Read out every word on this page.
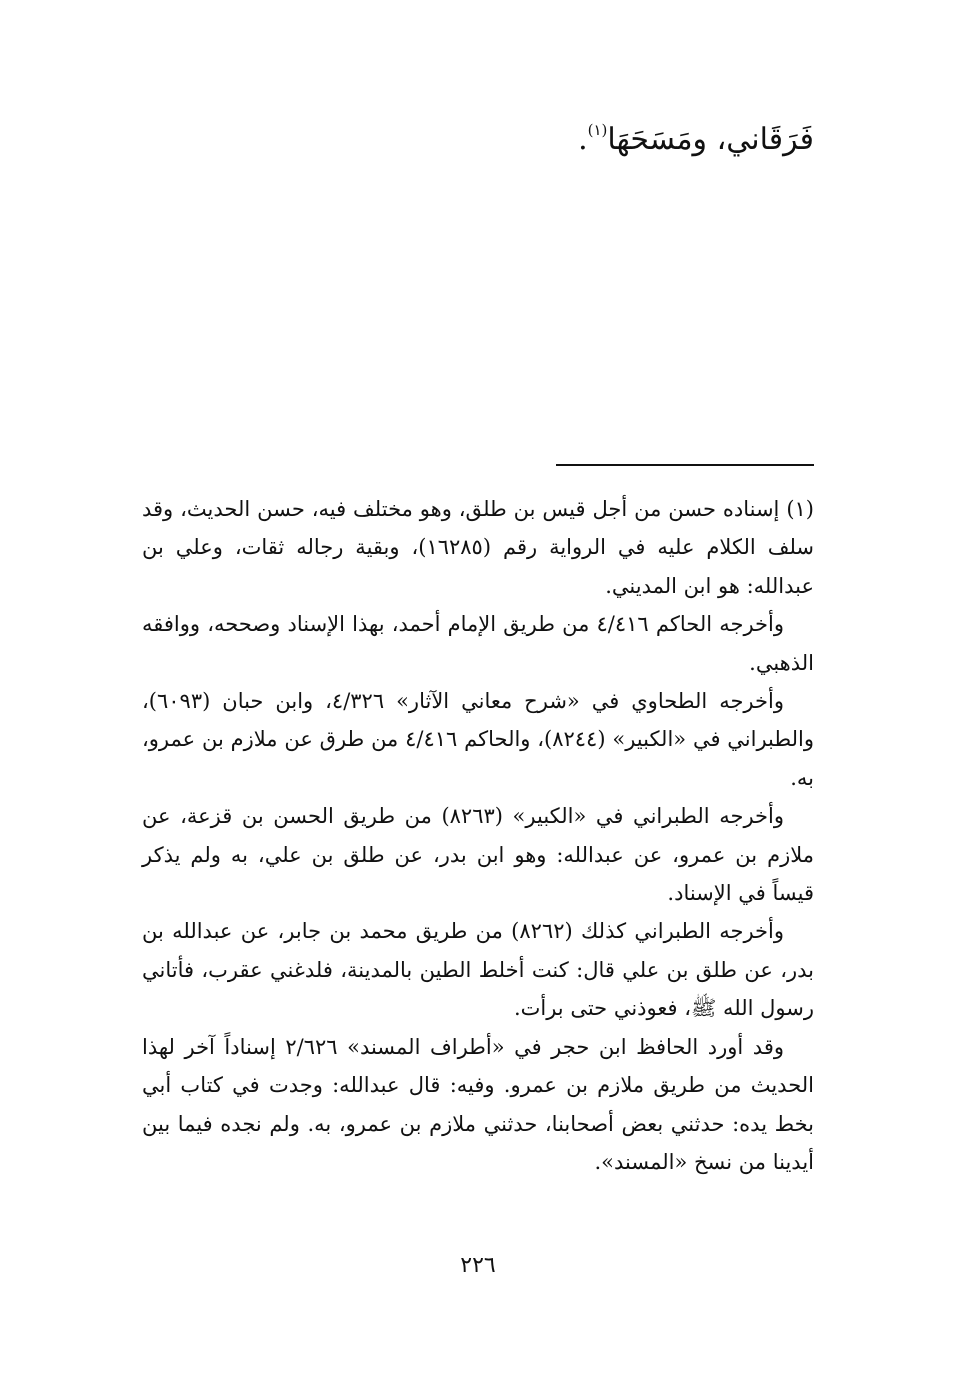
فَرَقَاني، ومَسَحَهَا$^{(١)}$.

(١) إسناده حسن من أجل قيس بن طلق، وهو مختلف فيه، حسن الحديث، وقد سلف الكلام عليه في الرواية رقم (١٦٢٨٥)، وبقية رجاله ثقات، وعلي بن عبدالله: هو ابن المديني.

وأخرجه الحاكم ٤/٤١٦ من طريق الإمام أحمد، بهذا الإسناد وصححه، ووافقه الذهبي.

وأخرجه الطحاوي في «شرح معاني الآثار» ٤/٣٢٦، وابن حبان (٦٠٩٣)، والطبراني في «الكبير» (٨٢٤٤)، والحاكم ٤/٤١٦ من طرق عن ملازم بن عمرو، به.

وأخرجه الطبراني في «الكبير» (٨٢٦٣) من طريق الحسن بن قزعة، عن ملازم بن عمرو، عن عبدالله: وهو ابن بدر، عن طلق بن علي، به ولم يذكر قيساً في الإسناد.

وأخرجه الطبراني كذلك (٨٢٦٢) من طريق محمد بن جابر، عن عبدالله بن بدر، عن طلق بن علي قال: كنت أخلط الطين بالمدينة، فلدغني عقرب، فأتاني رسول الله ﷺ، فعوذني حتى برأت.

وقد أورد الحافظ ابن حجر في «أطراف المسند» ٢/٦٢٦ إسناداً آخر لهذا الحديث من طريق ملازم بن عمرو. وفيه: قال عبدالله: وجدت في كتاب أبي بخط يده: حدثني بعض أصحابنا، حدثني ملازم بن عمرو، به. ولم نجده فيما بين أيدينا من نسخ «المسند».

٢٢٦
